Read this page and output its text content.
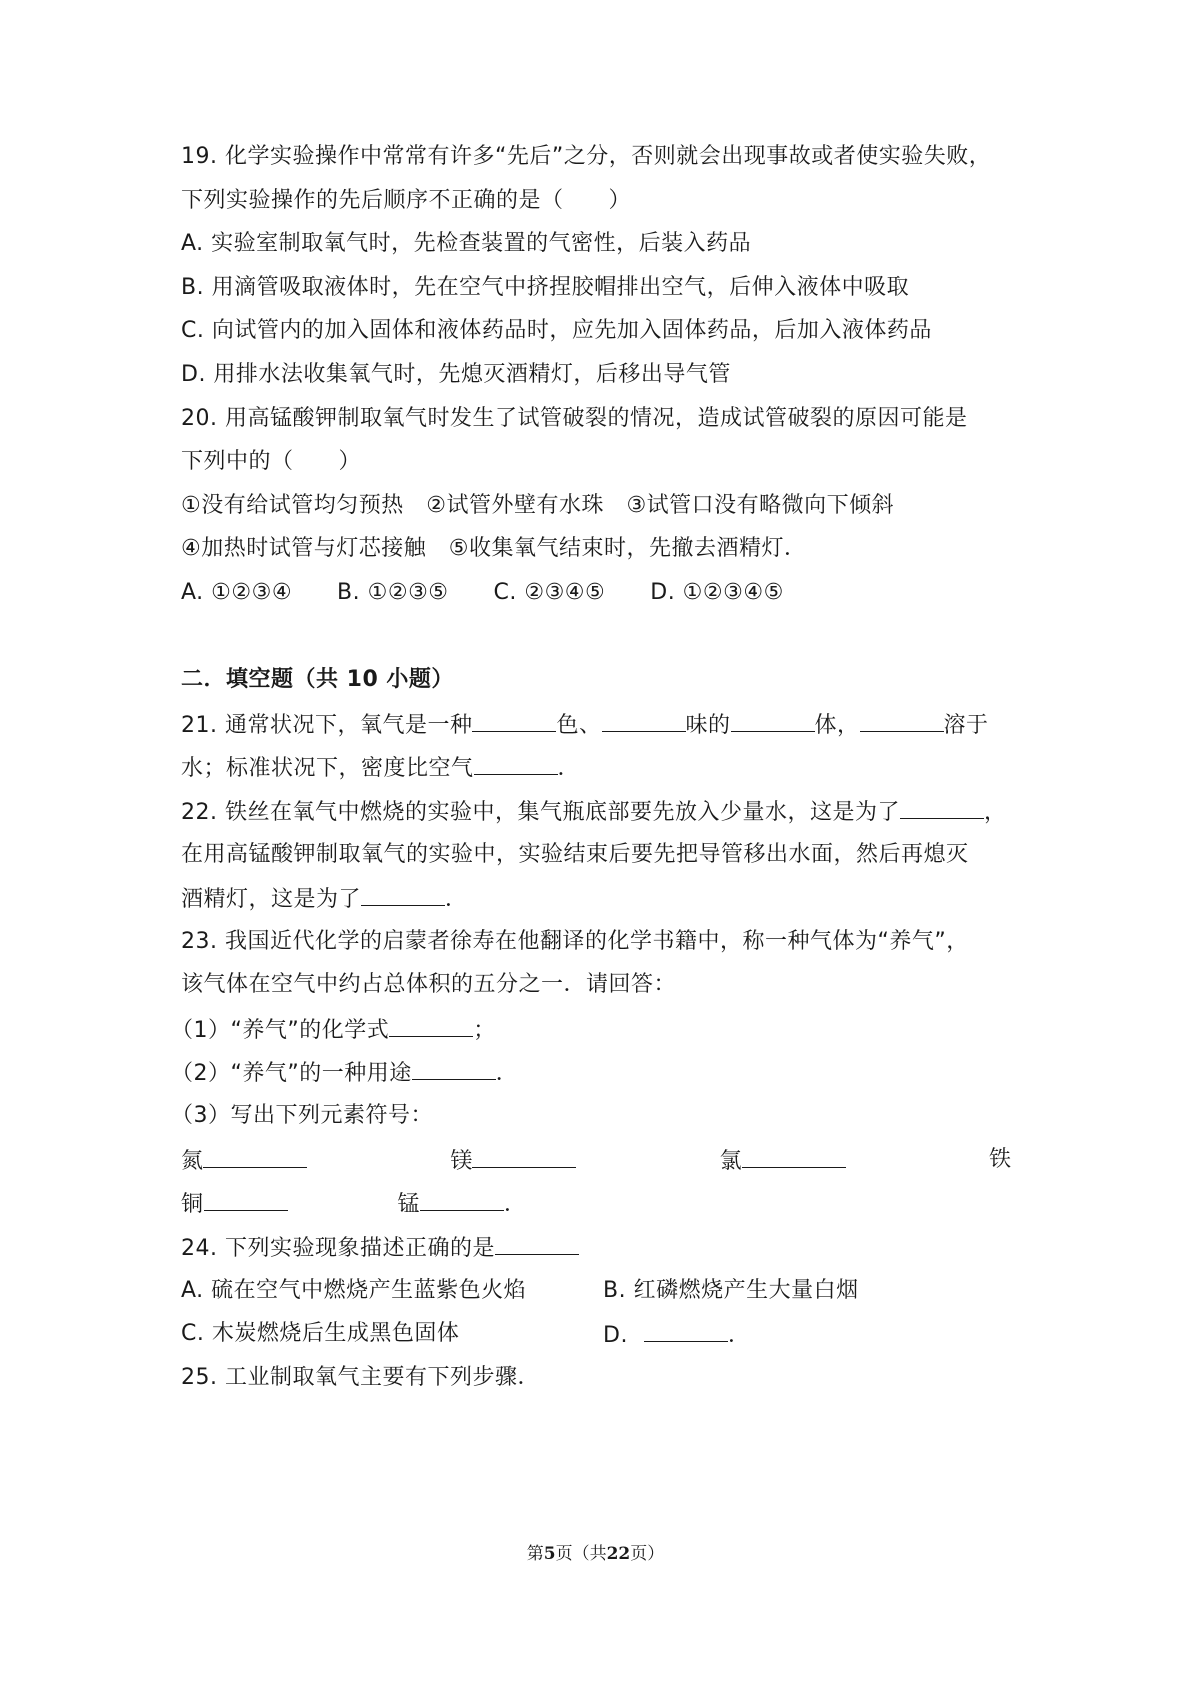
19. 化学实验操作中常常有许多“先后”之分，否则就会出现事故或者使实验失败，
下列实验操作的先后顺序不正确的是（　　）
A. 实验室制取氧气时，先检查装置的气密性，后装入药品
B. 用滴管吸取液体时，先在空气中挤捏胶帽排出空气，后伸入液体中吸取
C. 向试管内的加入固体和液体药品时，应先加入固体药品，后加入液体药品
D. 用排水法收集氧气时，先熄灭酒精灯，后移出导气管
20. 用高锰酸钾制取氧气时发生了试管破裂的情况，造成试管破裂的原因可能是
下列中的（　　）
①没有给试管均匀预热　②试管外壁有水珠　③试管口没有略微向下倾斜
④加热时试管与灯芯接触　⑤收集氧气结束时，先撤去酒精灯．
A. ①②③④　　B. ①②③⑤　　C. ②③④⑤　　D. ①②③④⑤
二．填空题（共 10 小题）
21. 通常状况下，氧气是一种	色、	味的	体，	溶于
水；标准状况下，密度比空气	．
22. 铁丝在氧气中燃烧的实验中，集气瓶底部要先放入少量水，这是为了	，
在用高锰酸钾制取氧气的实验中，实验结束后要先把导管移出水面，然后再熄灭
酒精灯，这是为了	．
23. 我国近代化学的启蒙者徐寿在他翻译的化学书籍中，称一种气体为“养气”，
该气体在空气中约占总体积的五分之一．请回答：
（1）“养气”的化学式	；
（2）“养气”的一种用途	．
（3）写出下列元素符号：
氮	镁	氯	铁
铜	锰	．
24. 下列实验现象描述正确的是
A. 硫在空气中燃烧产生蓝紫色火焰	B. 红磷燃烧产生大量白烟
C. 木炭燃烧后生成黑色固体	D.	．
25. 工业制取氧气主要有下列步骤．
第5页（共22页）
